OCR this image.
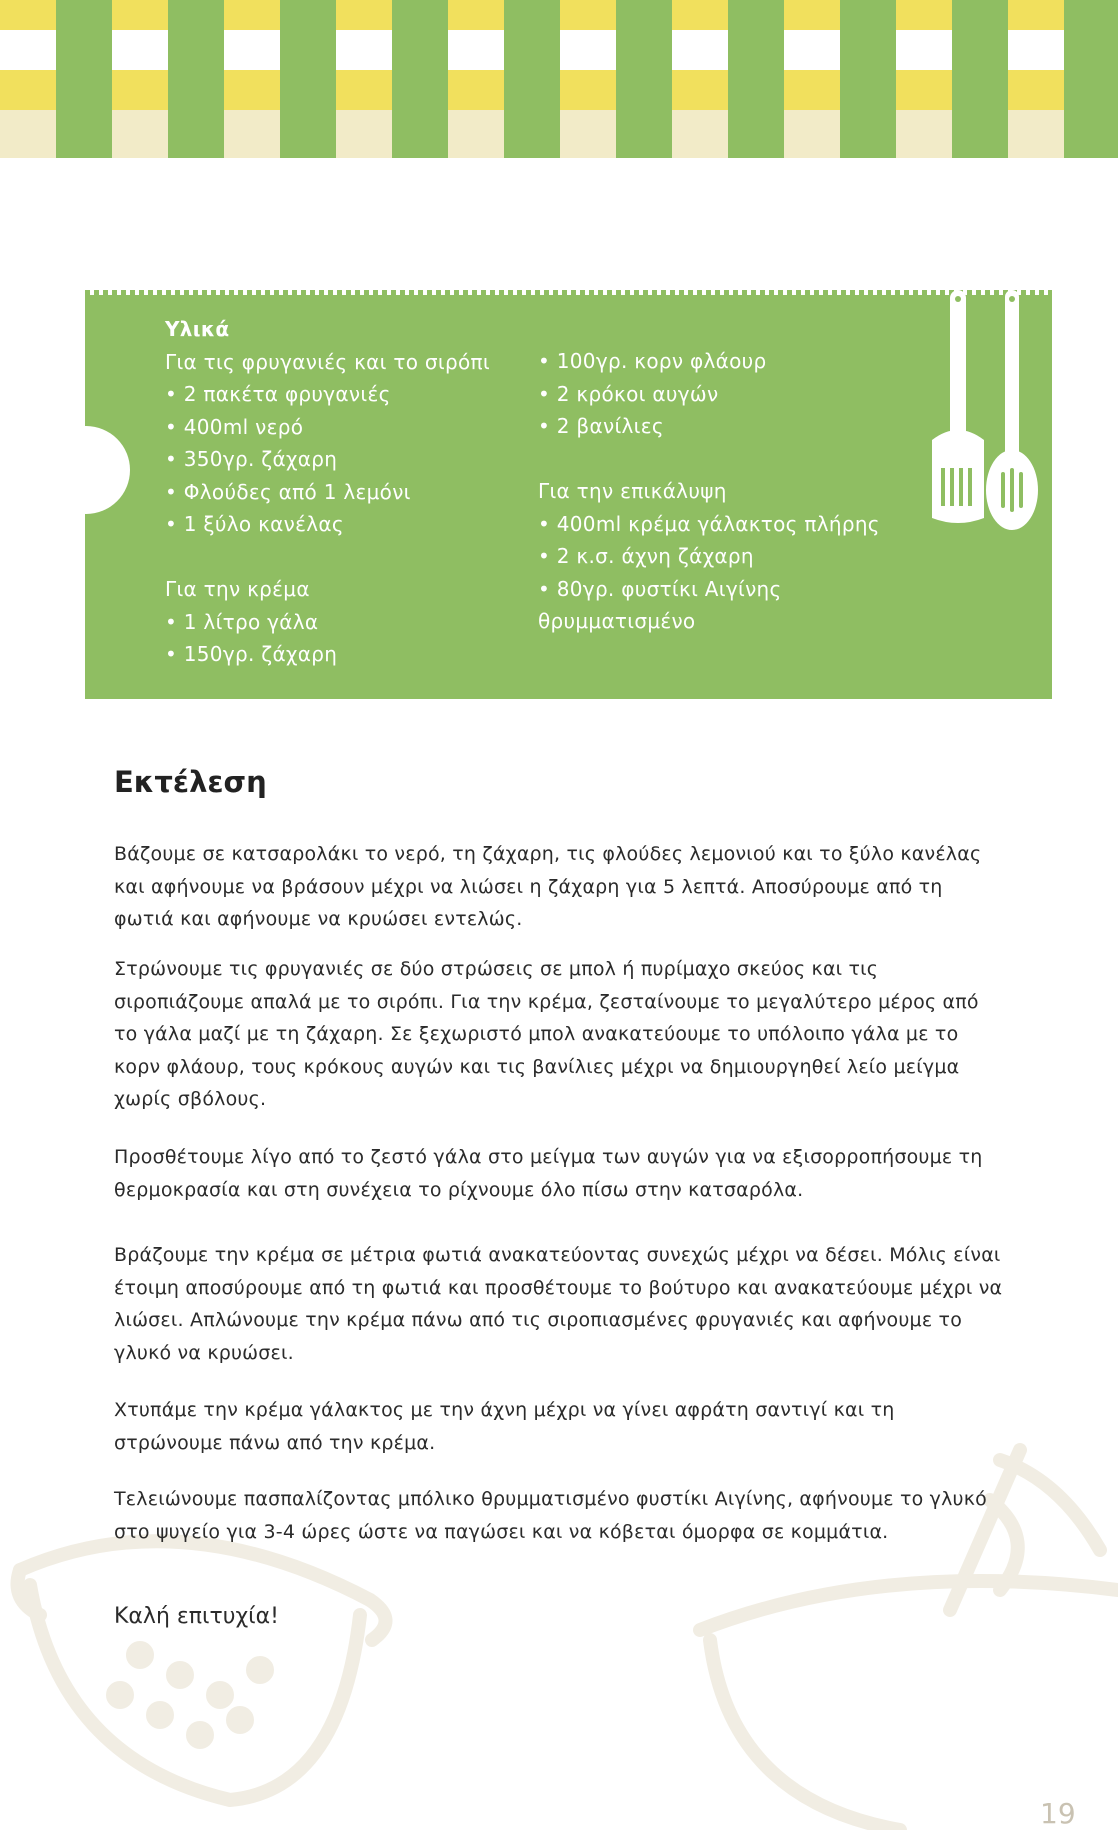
Υλικά
Για τις φρυγανιές και το σιρόπι
• 2 πακέτα φρυγανιές
• 400ml νερό
• 350γρ. ζάχαρη
• Φλούδες από 1 λεμόνι
• 1 ξύλο κανέλας
Για την κρέμα
• 1 λίτρο γάλα
• 150γρ. ζάχαρη
• 100γρ. κορν φλάουρ
• 2 κρόκοι αυγών
• 2 βανίλιες
Για την επικάλυψη
• 400ml κρέμα γάλακτος πλήρης
• 2 κ.σ. άχνη ζάχαρη
• 80γρ. φυστίκι Αιγίνης
θρυμματισμένο
Εκτέλεση
Βάζουμε σε κατσαρολάκι το νερό, τη ζάχαρη, τις φλούδες λεμονιού και το ξύλο κανέλας και αφήνουμε να βράσουν μέχρι να λιώσει η ζάχαρη για 5 λεπτά. Αποσύρουμε από τη φωτιά και αφήνουμε να κρυώσει εντελώς.
Στρώνουμε τις φρυγανιές σε δύο στρώσεις σε μπολ ή πυρίμαχο σκεύος και τις σιροπιάζουμε απαλά με το σιρόπι. Για την κρέμα, ζεσταίνουμε το μεγαλύτερο μέρος από το γάλα μαζί με τη ζάχαρη. Σε ξεχωριστό μπολ ανακατεύουμε το υπόλοιπο γάλα με το κορν φλάουρ, τους κρόκους αυγών και τις βανίλιες μέχρι να δημιουργηθεί λείο μείγμα χωρίς σβόλους.
Προσθέτουμε λίγο από το ζεστό γάλα στο μείγμα των αυγών για να εξισορροπήσουμε τη θερμοκρασία και στη συνέχεια το ρίχνουμε όλο πίσω στην κατσαρόλα.
Βράζουμε την κρέμα σε μέτρια φωτιά ανακατεύοντας συνεχώς μέχρι να δέσει. Μόλις είναι έτοιμη αποσύρουμε από τη φωτιά και προσθέτουμε το βούτυρο και ανακατεύουμε μέχρι να λιώσει. Απλώνουμε την κρέμα πάνω από τις σιροπιασμένες φρυγανιές και αφήνουμε το γλυκό να κρυώσει.
Χτυπάμε την κρέμα γάλακτος με την άχνη μέχρι να γίνει αφράτη σαντιγί και τη στρώνουμε πάνω από την κρέμα.
Τελειώνουμε πασπαλίζοντας μπόλικο θρυμματισμένο φυστίκι Αιγίνης, αφήνουμε το γλυκό στο ψυγείο για 3-4 ώρες ώστε να παγώσει και να κόβεται όμορφα σε κομμάτια.
Καλή επιτυχία!
19
